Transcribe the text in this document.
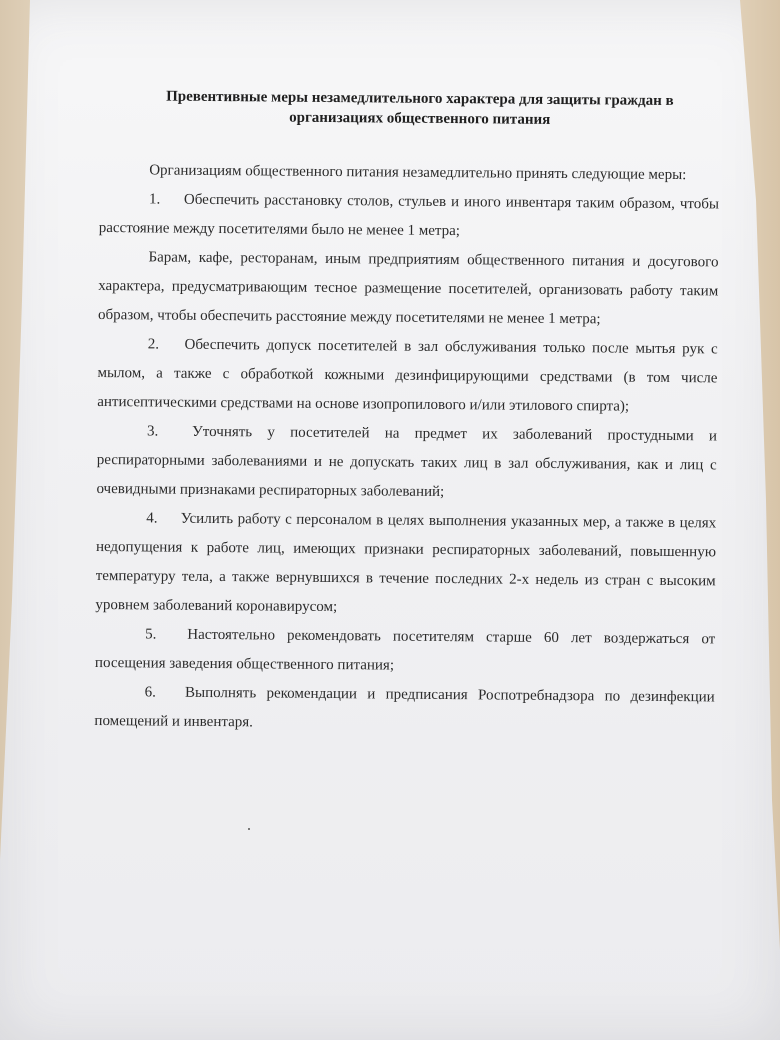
Превентивные меры незамедлительного характера для защиты граждан в организациях общественного питания

Организациям общественного питания незамедлительно принять следующие меры:

1. Обеспечить расстановку столов, стульев и иного инвентаря таким образом, чтобы расстояние между посетителями было не менее 1 метра;

Барам, кафе, ресторанам, иным предприятиям общественного питания и досугового характера, предусматривающим тесное размещение посетителей, организовать работу таким образом, чтобы обеспечить расстояние между посетителями не менее 1 метра;

2. Обеспечить допуск посетителей в зал обслуживания только после мытья рук с мылом, а также с обработкой кожными дезинфицирующими средствами (в том числе антисептическими средствами на основе изопропилового и/или этилового спирта);

3. Уточнять у посетителей на предмет их заболеваний простудными и респираторными заболеваниями и не допускать таких лиц в зал обслуживания, как и лиц с очевидными признаками респираторных заболеваний;

4. Усилить работу с персоналом в целях выполнения указанных мер, а также в целях недопущения к работе лиц, имеющих признаки респираторных заболеваний, повышенную температуру тела, а также вернувшихся в течение последних 2-х недель из стран с высоким уровнем заболеваний коронавирусом;

5. Настоятельно рекомендовать посетителям старше 60 лет воздержаться от посещения заведения общественного питания;

6. Выполнять рекомендации и предписания Роспотребнадзора по дезинфекции помещений и инвентаря.
